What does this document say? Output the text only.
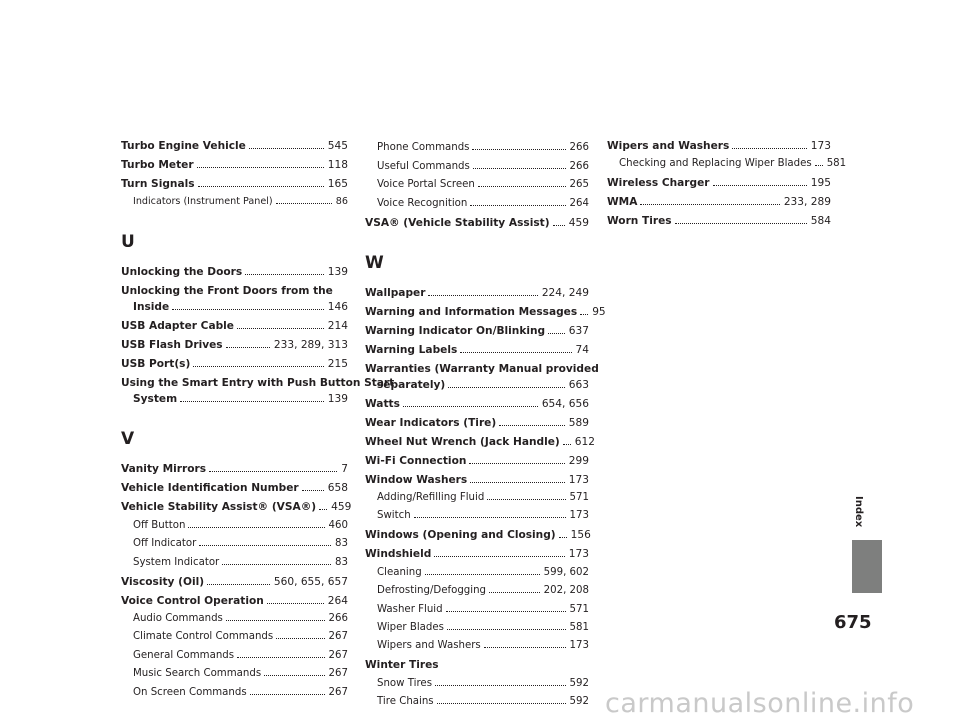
Turbo Engine Vehicle	545
Turbo Meter	118
Turn Signals	165
Indicators (Instrument Panel)	86
U
Unlocking the Doors	139
Unlocking the Front Doors from the
Inside	146
USB Adapter Cable	214
USB Flash Drives	233, 289, 313
USB Port(s)	215
Using the Smart Entry with Push Button Start
System	139
V
Vanity Mirrors	7
Vehicle Identification Number	658
Vehicle Stability Assist® (VSA®) 459
Off Button	460
Off Indicator	83
System Indicator	83
Viscosity (Oil)	560, 655, 657
Voice Control Operation	264
Audio Commands	266
Climate Control Commands	267
General Commands	267
Music Search Commands	267
On Screen Commands	267
Phone Commands	266
Useful Commands	266
Voice Portal Screen	265
Voice Recognition	264
VSA® (Vehicle Stability Assist) 459
W
Wallpaper	224, 249
Warning and Information Messages 95
Warning Indicator On/Blinking 637
Warning Labels	74
Warranties (Warranty Manual provided
separately)	663
Watts	654, 656
Wear Indicators (Tire)	589
Wheel Nut Wrench (Jack Handle) 612
Wi-Fi Connection	299
Window Washers	173
Adding/Refilling Fluid	571
Switch	173
Windows (Opening and Closing) 156
Windshield	173
Cleaning	599, 602
Defrosting/Defogging	202, 208
Washer Fluid	571
Wiper Blades	581
Wipers and Washers	173
Winter Tires
Snow Tires	592
Tire Chains	592
Wipers and Washers	173
Checking and Replacing Wiper Blades 581
Wireless Charger	195
WMA	233, 289
Worn Tires	584
Index
675
carmanualsonline.info
